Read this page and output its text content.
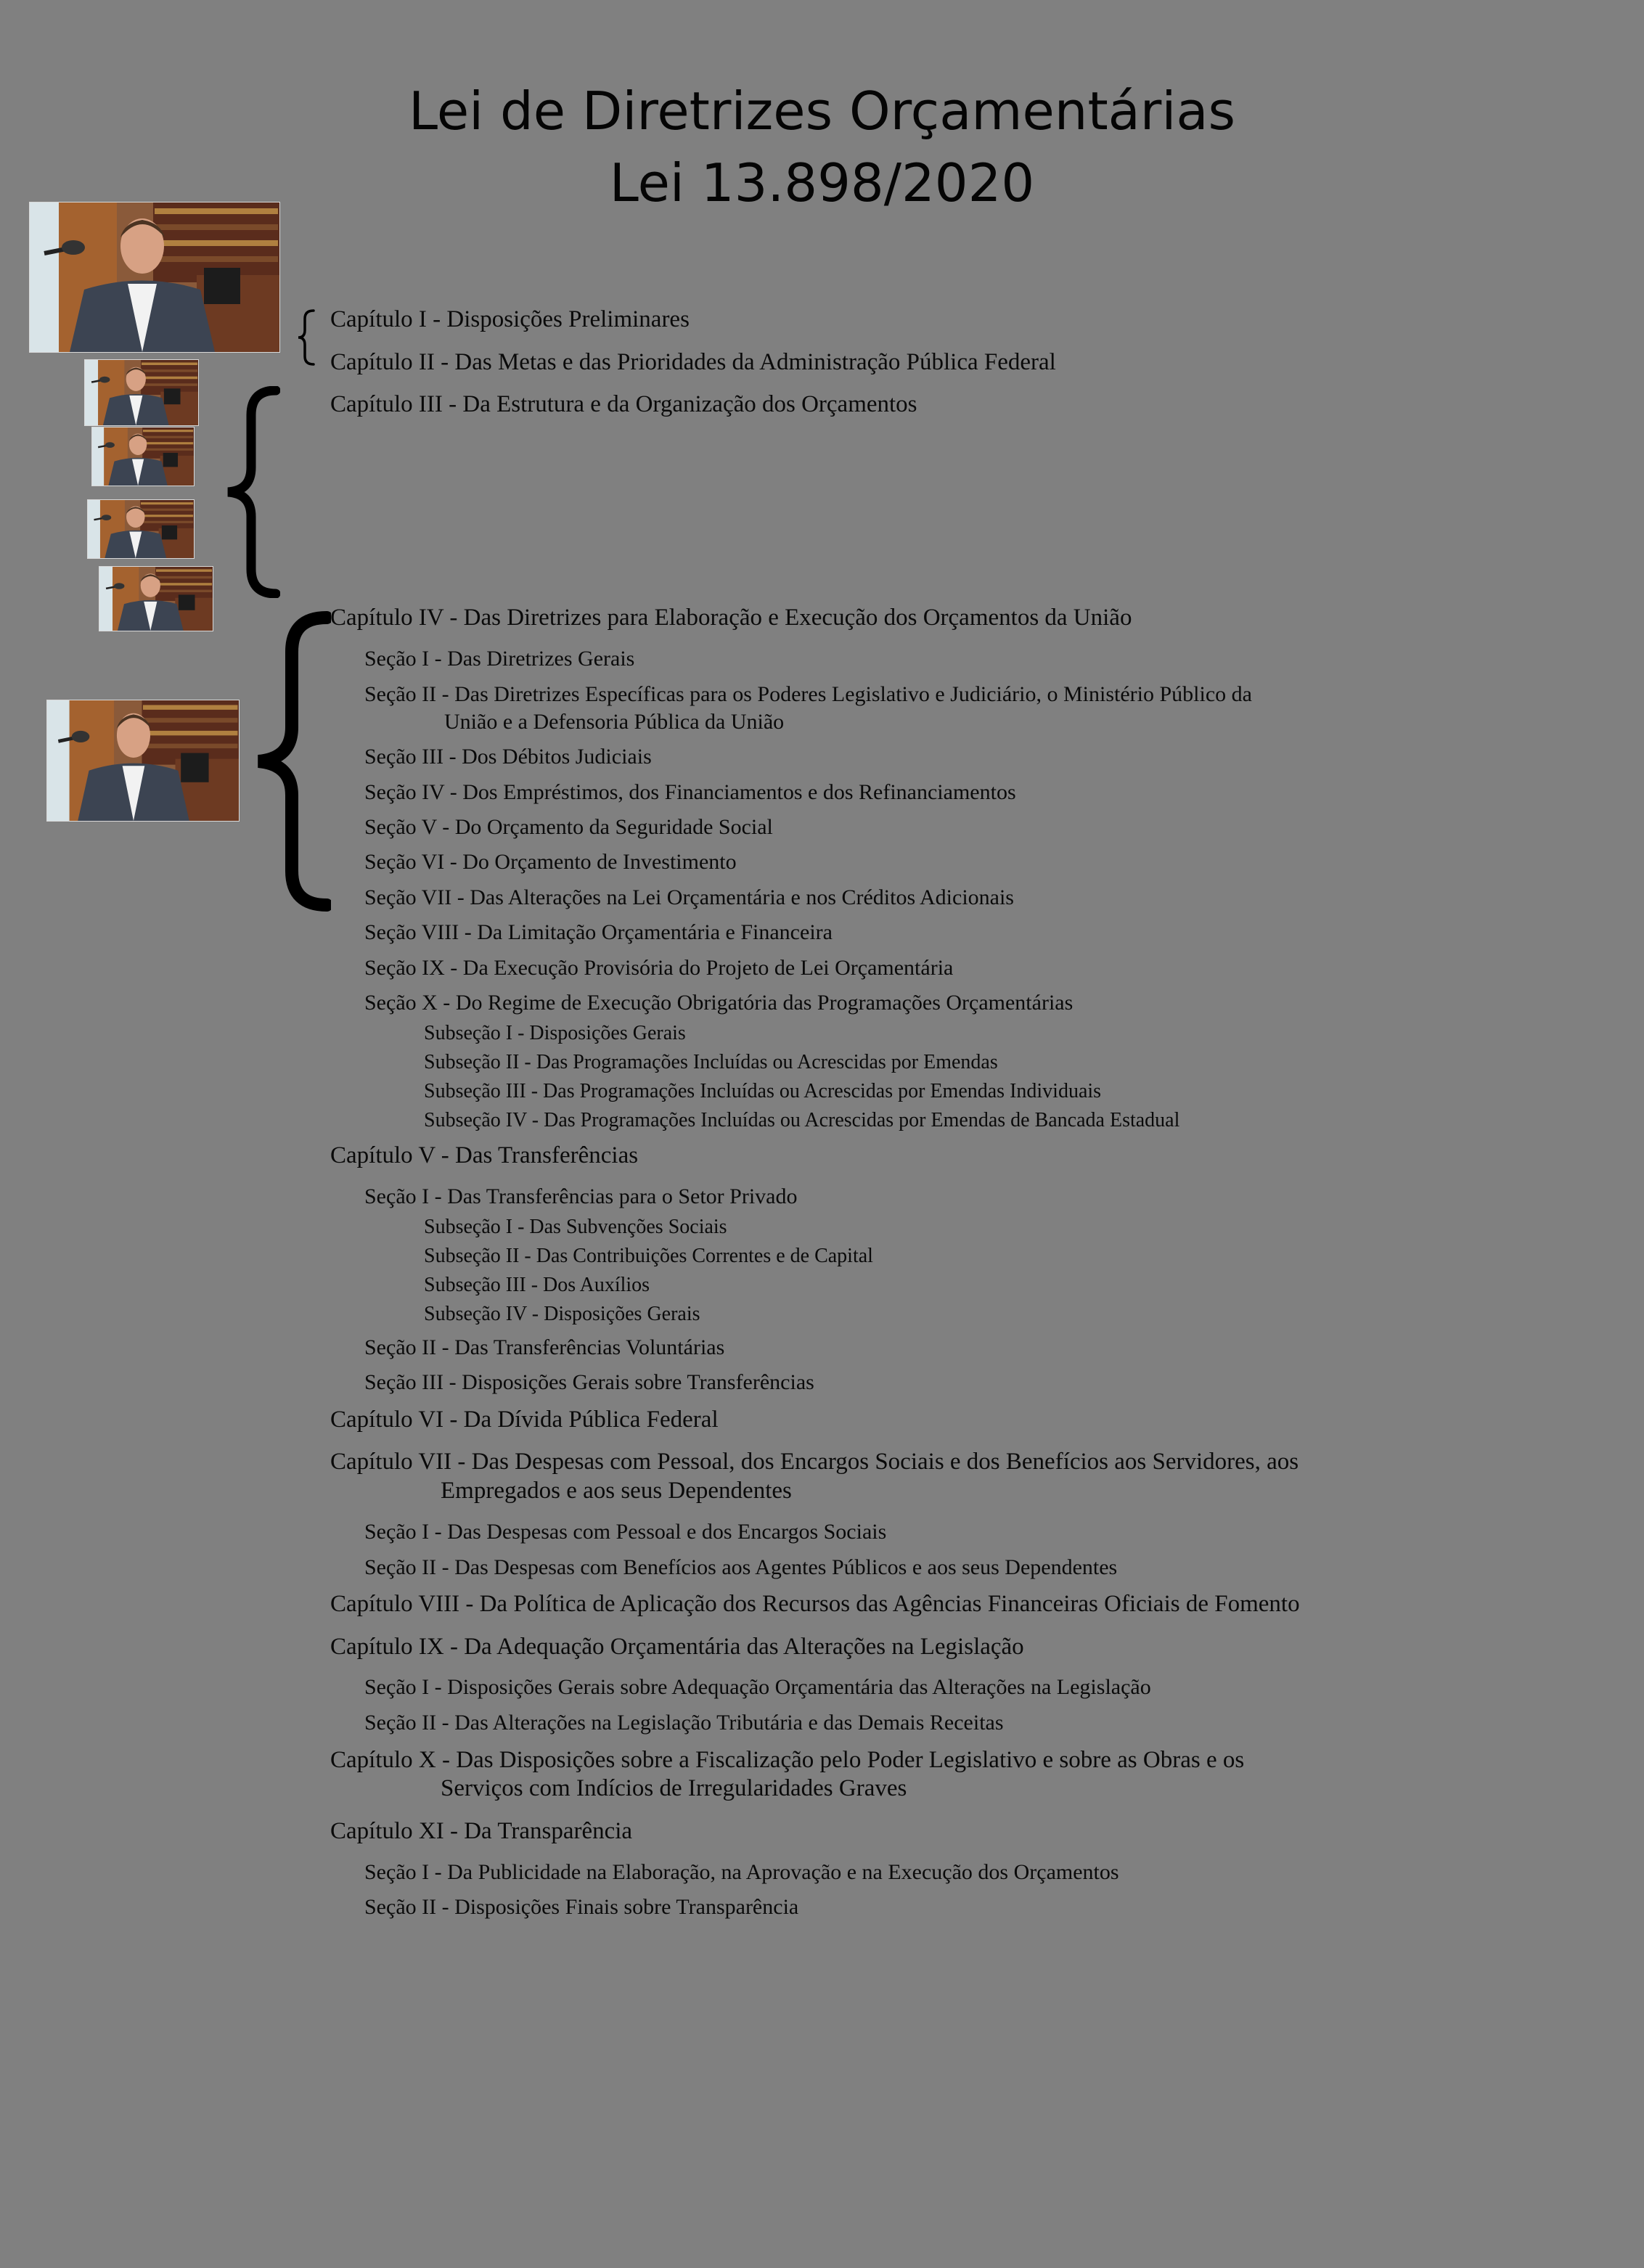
Lei de Diretrizes Orçamentárias
Lei 13.898/2020
Capítulo I - Disposições Preliminares
Capítulo II - Das Metas e das Prioridades da Administração Pública Federal
Capítulo III - Da Estrutura e da Organização dos Orçamentos
Capítulo IV - Das Diretrizes para Elaboração e Execução dos Orçamentos da União
Seção I - Das Diretrizes Gerais
Seção II - Das Diretrizes Específicas para os Poderes Legislativo e Judiciário, o Ministério Público da
União e a Defensoria Pública da União
Seção III - Dos Débitos Judiciais
Seção IV - Dos Empréstimos, dos Financiamentos e dos Refinanciamentos
Seção V - Do Orçamento da Seguridade Social
Seção VI - Do Orçamento de Investimento
Seção VII - Das Alterações na Lei Orçamentária e nos Créditos Adicionais
Seção VIII - Da Limitação Orçamentária e Financeira
Seção IX - Da Execução Provisória do Projeto de Lei Orçamentária
Seção X - Do Regime de Execução Obrigatória das Programações Orçamentárias
Subseção I - Disposições Gerais
Subseção II - Das Programações Incluídas ou Acrescidas por Emendas
Subseção III - Das Programações Incluídas ou Acrescidas por Emendas Individuais
Subseção IV - Das Programações Incluídas ou Acrescidas por Emendas de Bancada Estadual
Capítulo V - Das Transferências
Seção I - Das Transferências para o Setor Privado
Subseção I - Das Subvenções Sociais
Subseção II - Das Contribuições Correntes e de Capital
Subseção III - Dos Auxílios
Subseção IV - Disposições Gerais
Seção II - Das Transferências Voluntárias
Seção III - Disposições Gerais sobre Transferências
Capítulo VI - Da Dívida Pública Federal
Capítulo VII - Das Despesas com Pessoal, dos Encargos Sociais e dos Benefícios aos Servidores, aos
Empregados e aos seus Dependentes
Seção I - Das Despesas com Pessoal e dos Encargos Sociais
Seção II - Das Despesas com Benefícios aos Agentes Públicos e aos seus Dependentes
Capítulo VIII - Da Política de Aplicação dos Recursos das Agências Financeiras Oficiais de Fomento
Capítulo IX - Da Adequação Orçamentária das Alterações na Legislação
Seção I - Disposições Gerais sobre Adequação Orçamentária das Alterações na Legislação
Seção II - Das Alterações na Legislação Tributária e das Demais Receitas
Capítulo X - Das Disposições sobre a Fiscalização pelo Poder Legislativo e sobre as Obras e os
Serviços com Indícios de Irregularidades Graves
Capítulo XI - Da Transparência
Seção I - Da Publicidade na Elaboração, na Aprovação e na Execução dos Orçamentos
Seção II - Disposições Finais sobre Transparência
